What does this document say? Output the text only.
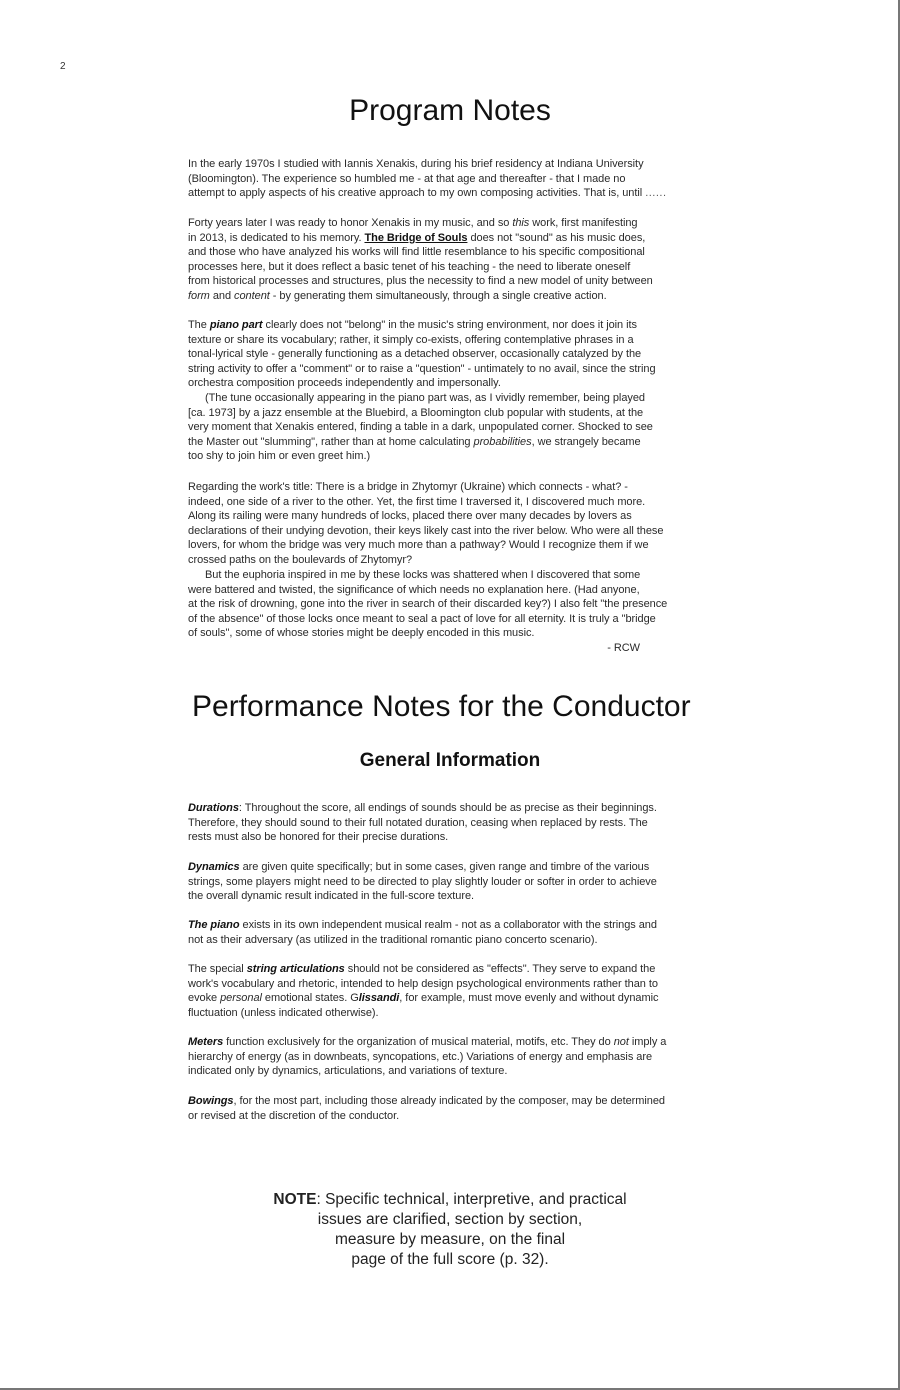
2
Program Notes
In the early 1970s I studied with Iannis Xenakis, during his brief residency at Indiana University
(Bloomington). The experience so humbled me - at that age and thereafter - that I made no
attempt to apply aspects of his creative approach to my own composing activities. That is, until ......
Forty years later I was ready to honor Xenakis in my music, and so this work, first manifesting
in 2013, is dedicated to his memory. The Bridge of Souls does not "sound" as his music does,
and those who have analyzed his works will find little resemblance to his specific compositional
processes here, but it does reflect a basic tenet of his teaching - the need to liberate oneself
from historical processes and structures, plus the necessity to find a new model of unity between
form and content - by generating them simultaneously, through a single creative action.
The piano part clearly does not "belong" in the music's string environment, nor does it join its
texture or share its vocabulary; rather, it simply co-exists, offering contemplative phrases in a
tonal-lyrical style - generally functioning as a detached observer, occasionally catalyzed by the
string activity to offer a "comment" or to raise a "question" - untimately to no avail, since the string
orchestra composition proceeds independently and impersonally.
(The tune occasionally appearing in the piano part was, as I vividly remember, being played
[ca. 1973] by a jazz ensemble at the Bluebird, a Bloomington club popular with students, at the
very moment that Xenakis entered, finding a table in a dark, unpopulated corner. Shocked to see
the Master out "slumming", rather than at home calculating probabilities, we strangely became
too shy to join him or even greet him.)
Regarding the work's title: There is a bridge in Zhytomyr (Ukraine) which connects - what? -
indeed, one side of a river to the other. Yet, the first time I traversed it, I discovered much more.
Along its railing were many hundreds of locks, placed there over many decades by lovers as
declarations of their undying devotion, their keys likely cast into the river below. Who were all these
lovers, for whom the bridge was very much more than a pathway? Would I recognize them if we
crossed paths on the boulevards of Zhytomyr?
But the euphoria inspired in me by these locks was shattered when I discovered that some
were battered and twisted, the significance of which needs no explanation here. (Had anyone,
at the risk of drowning, gone into the river in search of their discarded key?) I also felt "the presence
of the absence" of those locks once meant to seal a pact of love for all eternity. It is truly a "bridge
of souls", some of whose stories might be deeply encoded in this music.
- RCW
Performance Notes for the Conductor
General Information
Durations: Throughout the score, all endings of sounds should be as precise as their beginnings.
Therefore, they should sound to their full notated duration, ceasing when replaced by rests. The
rests must also be honored for their precise durations.
Dynamics are given quite specifically; but in some cases, given range and timbre of the various
strings, some players might need to be directed to play slightly louder or softer in order to achieve
the overall dynamic result indicated in the full-score texture.
The piano exists in its own independent musical realm - not as a collaborator with the strings and
not as their adversary (as utilized in the traditional romantic piano concerto scenario).
The special string articulations should not be considered as "effects". They serve to expand the
work's vocabulary and rhetoric, intended to help design psychological environments rather than to
evoke personal emotional states. Glissandi, for example, must move evenly and without dynamic
fluctuation (unless indicated otherwise).
Meters function exclusively for the organization of musical material, motifs, etc. They do not imply a
hierarchy of energy (as in downbeats, syncopations, etc.) Variations of energy and emphasis are
indicated only by dynamics, articulations, and variations of texture.
Bowings, for the most part, including those already indicated by the composer, may be determined
or revised at the discretion of the conductor.
NOTE: Specific technical, interpretive, and practical
issues are clarified, section by section,
measure by measure, on the final
page of the full score (p. 32).
